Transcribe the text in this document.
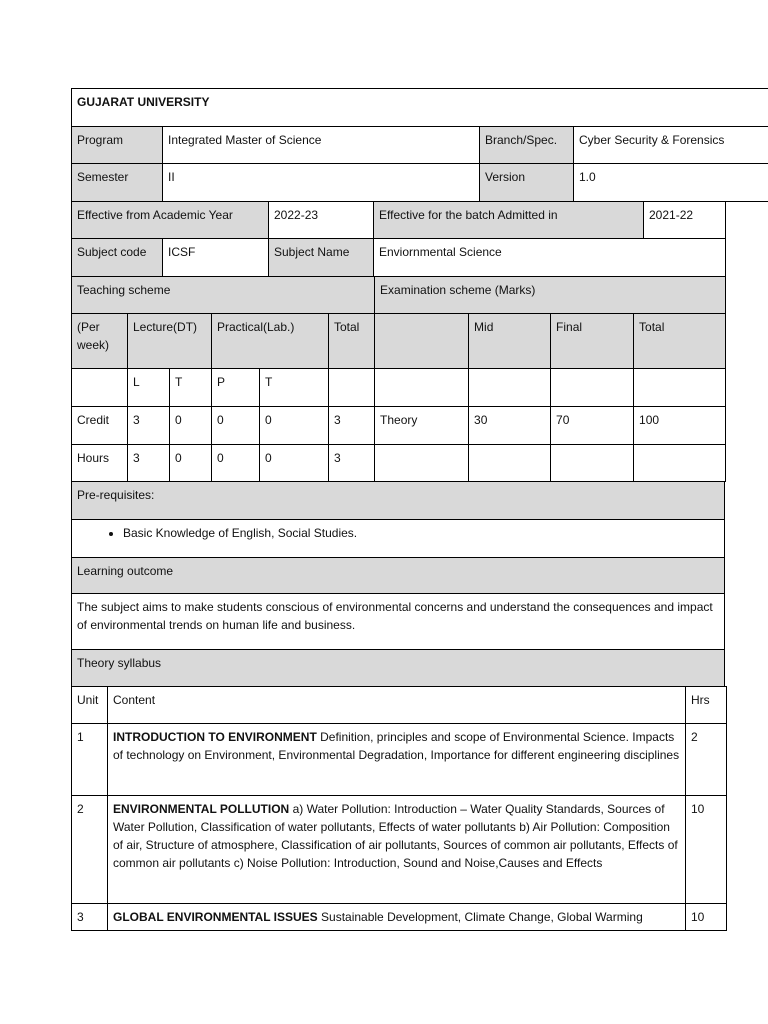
GUJARAT UNIVERSITY			
Program	Integrated Master of Science	Branch/Spec.	Cyber Security & Forensics
Semester	II	Version	1.0
Effective from Academic Year	2022-23	Effective for the batch Admitted in	2021-22
Subject code	ICSF	Subject Name	Enviornmental Science
Teaching scheme						Examination scheme (Marks)			
(Per week)	Lecture(DT)		Practical(Lab.)		Total		Mid	Final	Total
	L	T	P	T					
Credit	3	0	0	0	3	Theory	30	70	100
Hours	3	0	0	0	3				
Pre-requisites:

• Basic Knowledge of English, Social Studies.

Learning outcome
The subject aims to make students conscious of environmental concerns and understand the consequences and impact of environmental trends on human life and business.
Theory syllabus
Unit	Content	Hrs
1	INTRODUCTION TO ENVIRONMENT Definition, principles and scope of Environmental Science. Impacts of technology on Environment, Environmental Degradation, Importance for different engineering disciplines	2
2	ENVIRONMENTAL POLLUTION a) Water Pollution: Introduction – Water Quality Standards, Sources of Water Pollution, Classification of water pollutants, Effects of water pollutants b) Air Pollution: Composition of air, Structure of atmosphere, Classification of air pollutants, Sources of common air pollutants, Effects of common air pollutants c) Noise Pollution: Introduction, Sound and Noise,Causes and Effects	10
3	GLOBAL ENVIRONMENTAL ISSUES Sustainable Development, Climate Change, Global Warming	10
